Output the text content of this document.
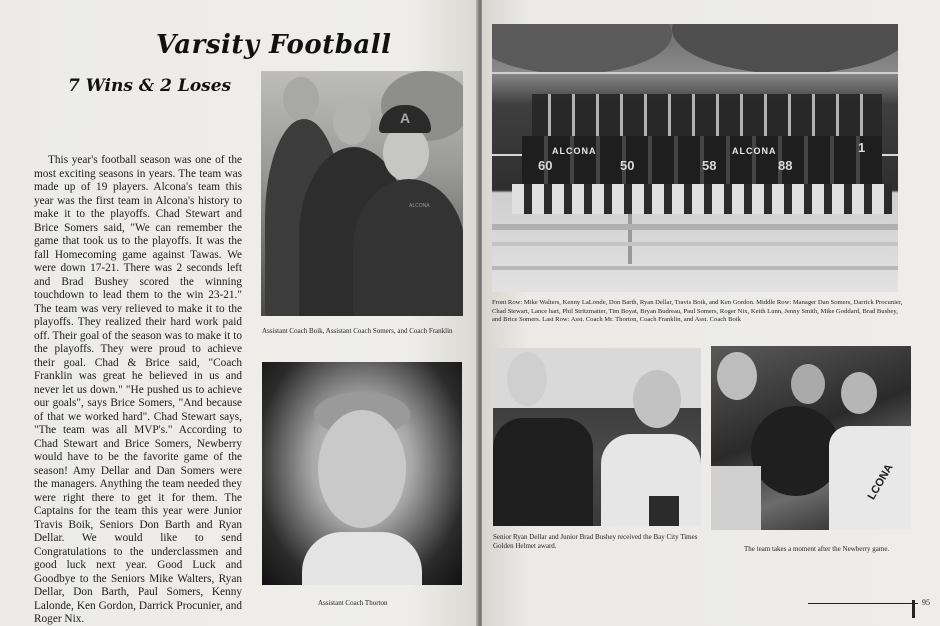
Varsity Football
7 Wins & 2 Loses
This year's football season was one of the most exciting seasons in years. The team was made up of 19 players. Alcona's team this year was the first team in Alcona's history to make it to the playoffs. Chad Stewart and Brice Somers said, "We can remember the game that took us to the playoffs. It was the fall Homecoming game against Tawas. We were down 17-21. There was 2 seconds left and Brad Bushey scored the winning touchdown to lead them to the win 23-21." The team was very relieved to make it to the playoffs. They realized their hard work paid off. Their goal of the season was to make it to the playoffs. They were proud to achieve their goal. Chad & Brice said, "Coach Franklin was great he believed in us and never let us down." "He pushed us to achieve our goals", says Brice Somers, "And because of that we worked hard". Chad Stewart says, "The team was all MVP's." According to Chad Stewart and Brice Somers, Newberry would have to be the favorite game of the season! Amy Dellar and Dan Somers were the managers. Anything the team needed they were right there to get it for them. The Captains for the team this year were Junior Travis Boik, Seniors Don Barth and Ryan Dellar. We would like to send Congratulations to the underclassmen and good luck next year. Good Luck and Goodbye to the Seniors Mike Walters, Ryan Dellar, Don Barth, Paul Somers, Kenny Lalonde, Ken Gordon, Darrick Procunier, and Roger Nix.
A
ALCONA
Assistant Coach Boik, Assistant Coach Somers, and Coach Franklin
Assistant Coach Thorton
ALCONA	ALCONA
60	50	58	88
1
Front Row: Mike Walters, Kenny LaLonde, Don Barth, Ryan Dellar, Travis Boik, and Ken Gordon. Middle Row: Manager Dan Somers, Darrick Procunier, Chad Stewart, Lance hart, Phil Stritzmatter, Tim Boyat, Bryan Budreau, Paul Somers, Roger Nix, Keith Lunn, Jenny Smith, Mike Goddard, Brad Bushey, and Brice Somers. Last Row: Asst. Coach Mr. Thorton, Coach Franklin, and Asst. Coach Boik
Senior Ryan Dellar and Junior Brad Bushey received the Bay City Times Golden Helmet award.
LCONA
The team takes a moment after the Newberry game.
95
